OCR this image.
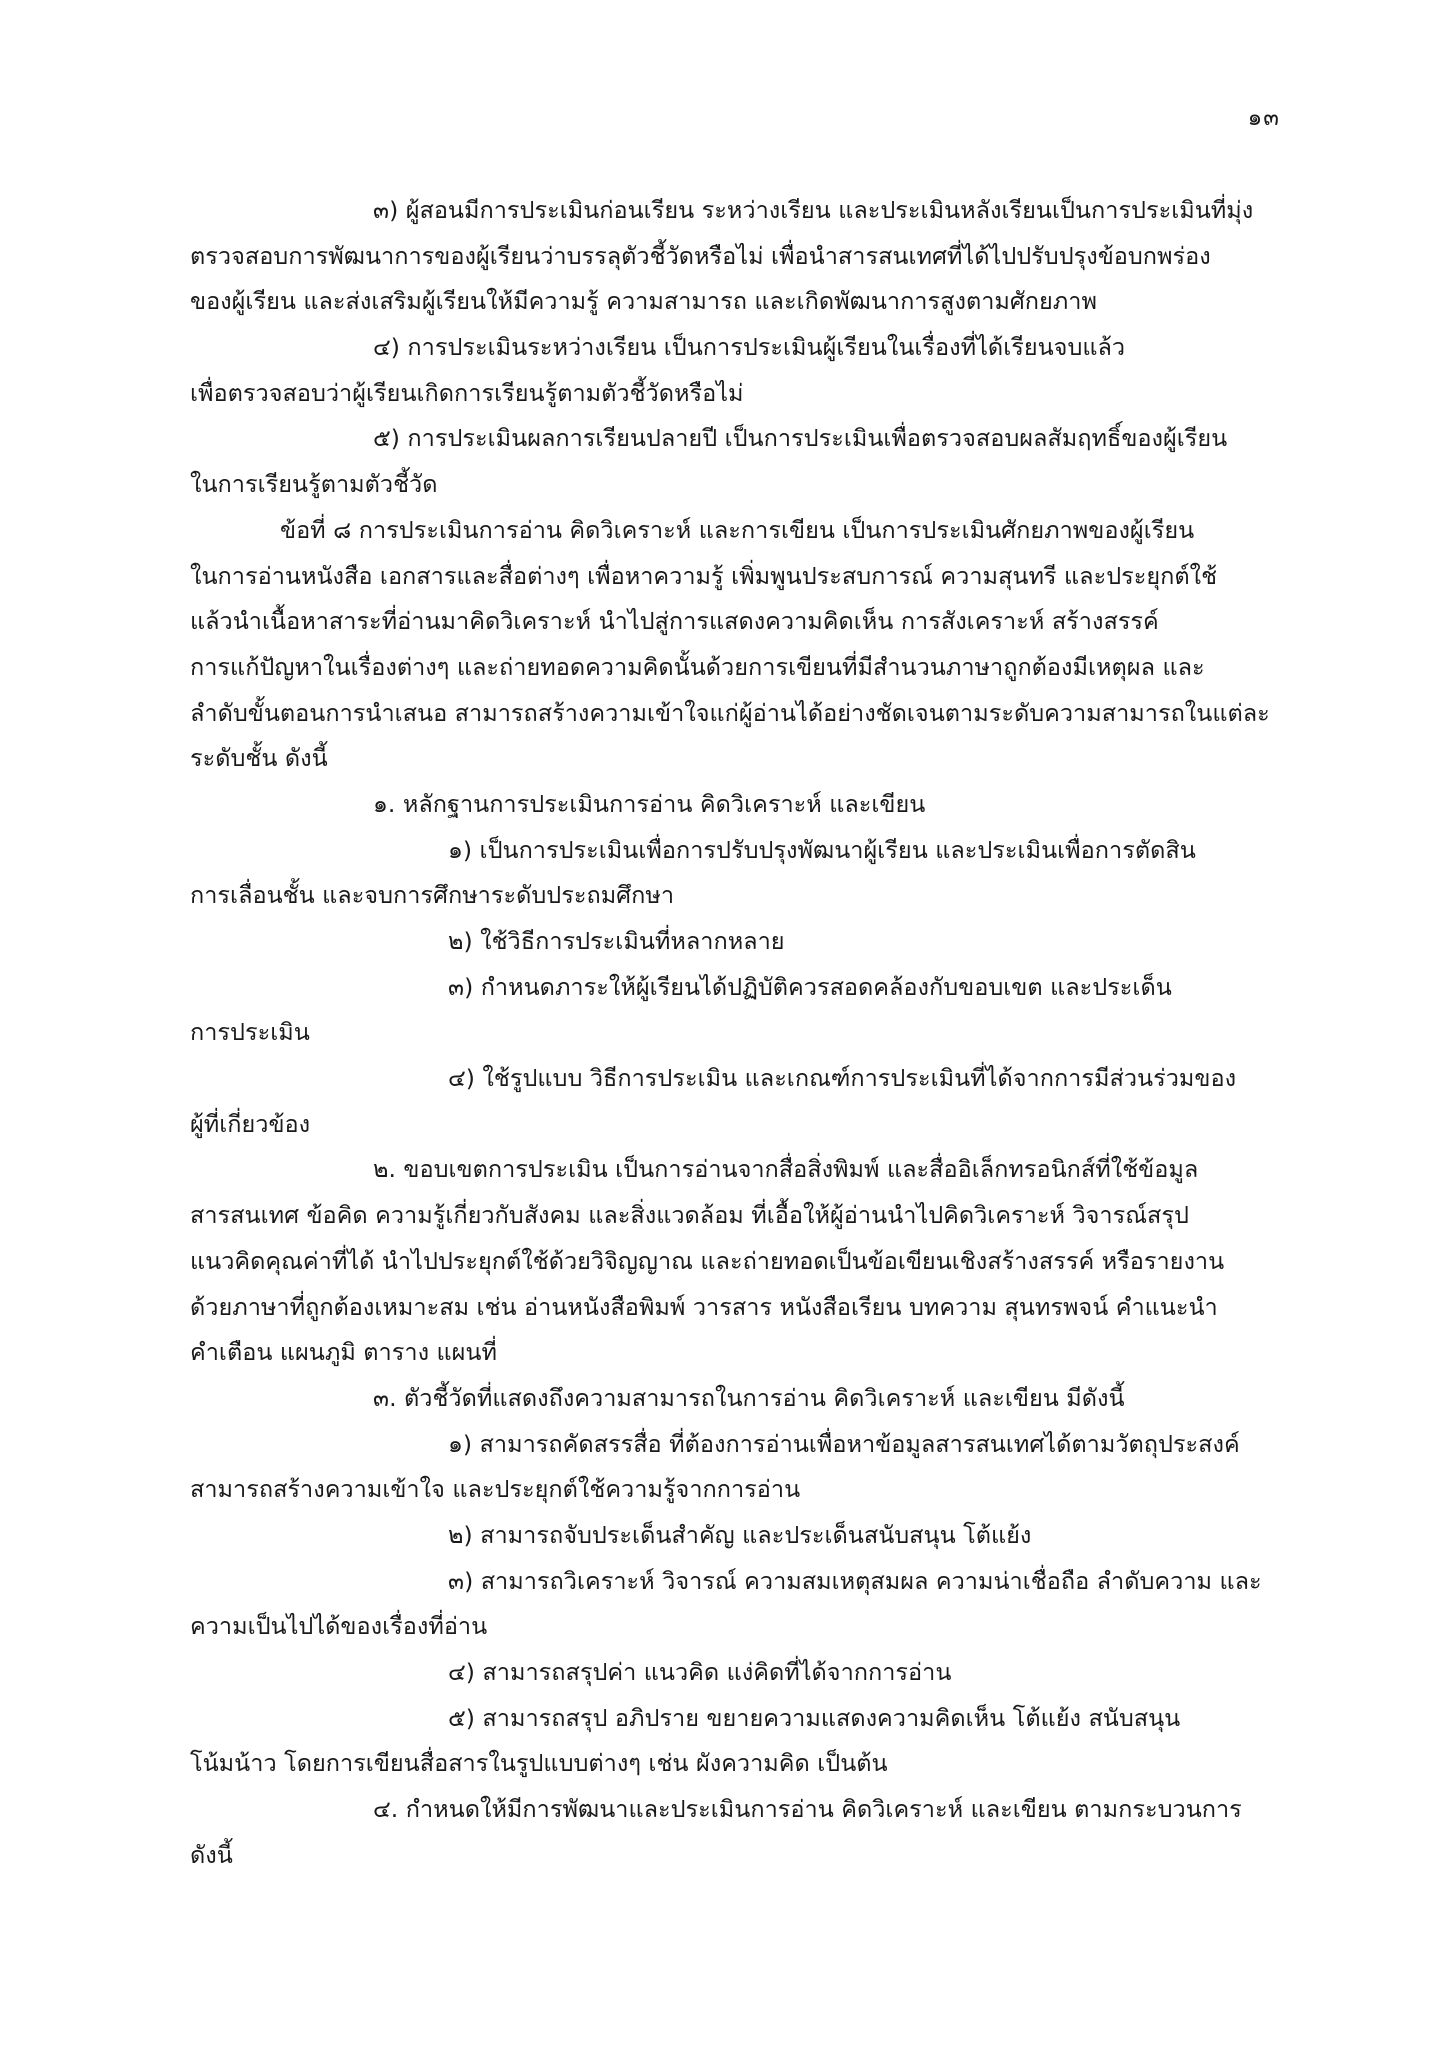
๑๓
๓) ผู้สอนมีการประเมินก่อนเรียน ระหว่างเรียน และประเมินหลังเรียนเป็นการประเมินที่มุ่ง
ตรวจสอบการพัฒนาการของผู้เรียนว่าบรรลุตัวชี้วัดหรือไม่ เพื่อนำสารสนเทศที่ได้ไปปรับปรุงข้อบกพร่อง
ของผู้เรียน และส่งเสริมผู้เรียนให้มีความรู้ ความสามารถ และเกิดพัฒนาการสูงตามศักยภาพ
๔) การประเมินระหว่างเรียน เป็นการประเมินผู้เรียนในเรื่องที่ได้เรียนจบแล้ว
เพื่อตรวจสอบว่าผู้เรียนเกิดการเรียนรู้ตามตัวชี้วัดหรือไม่
๕) การประเมินผลการเรียนปลายปี เป็นการประเมินเพื่อตรวจสอบผลสัมฤทธิ์ของผู้เรียน
ในการเรียนรู้ตามตัวชี้วัด
ข้อที่ ๘ การประเมินการอ่าน คิดวิเคราะห์ และการเขียน เป็นการประเมินศักยภาพของผู้เรียน
ในการอ่านหนังสือ เอกสารและสื่อต่างๆ เพื่อหาความรู้ เพิ่มพูนประสบการณ์ ความสุนทรี และประยุกต์ใช้
แล้วนำเนื้อหาสาระที่อ่านมาคิดวิเคราะห์ นำไปสู่การแสดงความคิดเห็น การสังเคราะห์ สร้างสรรค์
การแก้ปัญหาในเรื่องต่างๆ และถ่ายทอดความคิดนั้นด้วยการเขียนที่มีสำนวนภาษาถูกต้องมีเหตุผล และ
ลำดับขั้นตอนการนำเสนอ สามารถสร้างความเข้าใจแก่ผู้อ่านได้อย่างชัดเจนตามระดับความสามารถในแต่ละ
ระดับชั้น ดังนี้
๑. หลักฐานการประเมินการอ่าน คิดวิเคราะห์ และเขียน
๑) เป็นการประเมินเพื่อการปรับปรุงพัฒนาผู้เรียน และประเมินเพื่อการตัดสิน
การเลื่อนชั้น และจบการศึกษาระดับประถมศึกษา
๒) ใช้วิธีการประเมินที่หลากหลาย
๓) กำหนดภาระให้ผู้เรียนได้ปฏิบัติควรสอดคล้องกับขอบเขต และประเด็น
การประเมิน
๔) ใช้รูปแบบ วิธีการประเมิน และเกณฑ์การประเมินที่ได้จากการมีส่วนร่วมของ
ผู้ที่เกี่ยวข้อง
๒. ขอบเขตการประเมิน เป็นการอ่านจากสื่อสิ่งพิมพ์ และสื่ออิเล็กทรอนิกส์ที่ใช้ข้อมูล
สารสนเทศ ข้อคิด ความรู้เกี่ยวกับสังคม และสิ่งแวดล้อม ที่เอื้อให้ผู้อ่านนำไปคิดวิเคราะห์ วิจารณ์สรุป
แนวคิดคุณค่าที่ได้ นำไปประยุกต์ใช้ด้วยวิจิญญาณ และถ่ายทอดเป็นข้อเขียนเชิงสร้างสรรค์ หรือรายงาน
ด้วยภาษาที่ถูกต้องเหมาะสม เช่น อ่านหนังสือพิมพ์ วารสาร หนังสือเรียน บทความ สุนทรพจน์ คำแนะนำ
คำเตือน แผนภูมิ ตาราง แผนที่
๓. ตัวชี้วัดที่แสดงถึงความสามารถในการอ่าน คิดวิเคราะห์ และเขียน มีดังนี้
๑) สามารถคัดสรรสื่อ ที่ต้องการอ่านเพื่อหาข้อมูลสารสนเทศได้ตามวัตถุประสงค์
สามารถสร้างความเข้าใจ และประยุกต์ใช้ความรู้จากการอ่าน
๒) สามารถจับประเด็นสำคัญ และประเด็นสนับสนุน โต้แย้ง
๓) สามารถวิเคราะห์ วิจารณ์ ความสมเหตุสมผล ความน่าเชื่อถือ ลำดับความ และ
ความเป็นไปได้ของเรื่องที่อ่าน
๔) สามารถสรุปค่า แนวคิด แง่คิดที่ได้จากการอ่าน
๕) สามารถสรุป อภิปราย ขยายความแสดงความคิดเห็น โต้แย้ง สนับสนุน
โน้มน้าว โดยการเขียนสื่อสารในรูปแบบต่างๆ เช่น ผังความคิด เป็นต้น
๔. กำหนดให้มีการพัฒนาและประเมินการอ่าน คิดวิเคราะห์ และเขียน ตามกระบวนการ
ดังนี้
